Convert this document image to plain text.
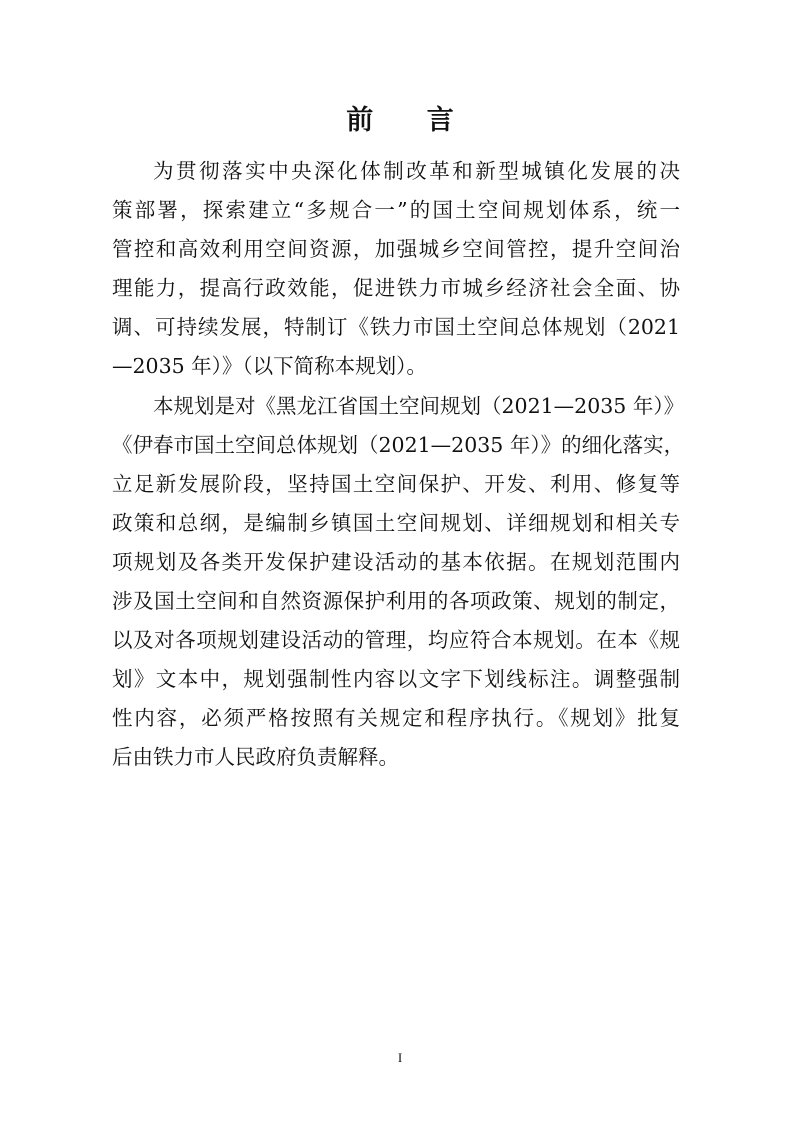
前 言
为贯彻落实中央深化体制改革和新型城镇化发展的决
策部署，探索建立“多规合一”的国土空间规划体系，统一
管控和高效利用空间资源，加强城乡空间管控，提升空间治
理能力，提高行政效能，促进铁力市城乡经济社会全面、协
调、可持续发展，特制订《铁力市国土空间总体规划（2021
—2035 年）》（以下简称本规划）。
本规划是对《黑龙江省国土空间规划（2021—2035 年）》
《伊春市国土空间总体规划（2021—2035 年）》的细化落实，
立足新发展阶段，坚持国土空间保护、开发、利用、修复等
政策和总纲，是编制乡镇国土空间规划、详细规划和相关专
项规划及各类开发保护建设活动的基本依据。在规划范围内
涉及国土空间和自然资源保护利用的各项政策、规划的制定，
以及对各项规划建设活动的管理，均应符合本规划。在本《规
划》文本中，规划强制性内容以文字下划线标注。调整强制
性内容，必须严格按照有关规定和程序执行。《规划》批复
后由铁力市人民政府负责解释。
I
